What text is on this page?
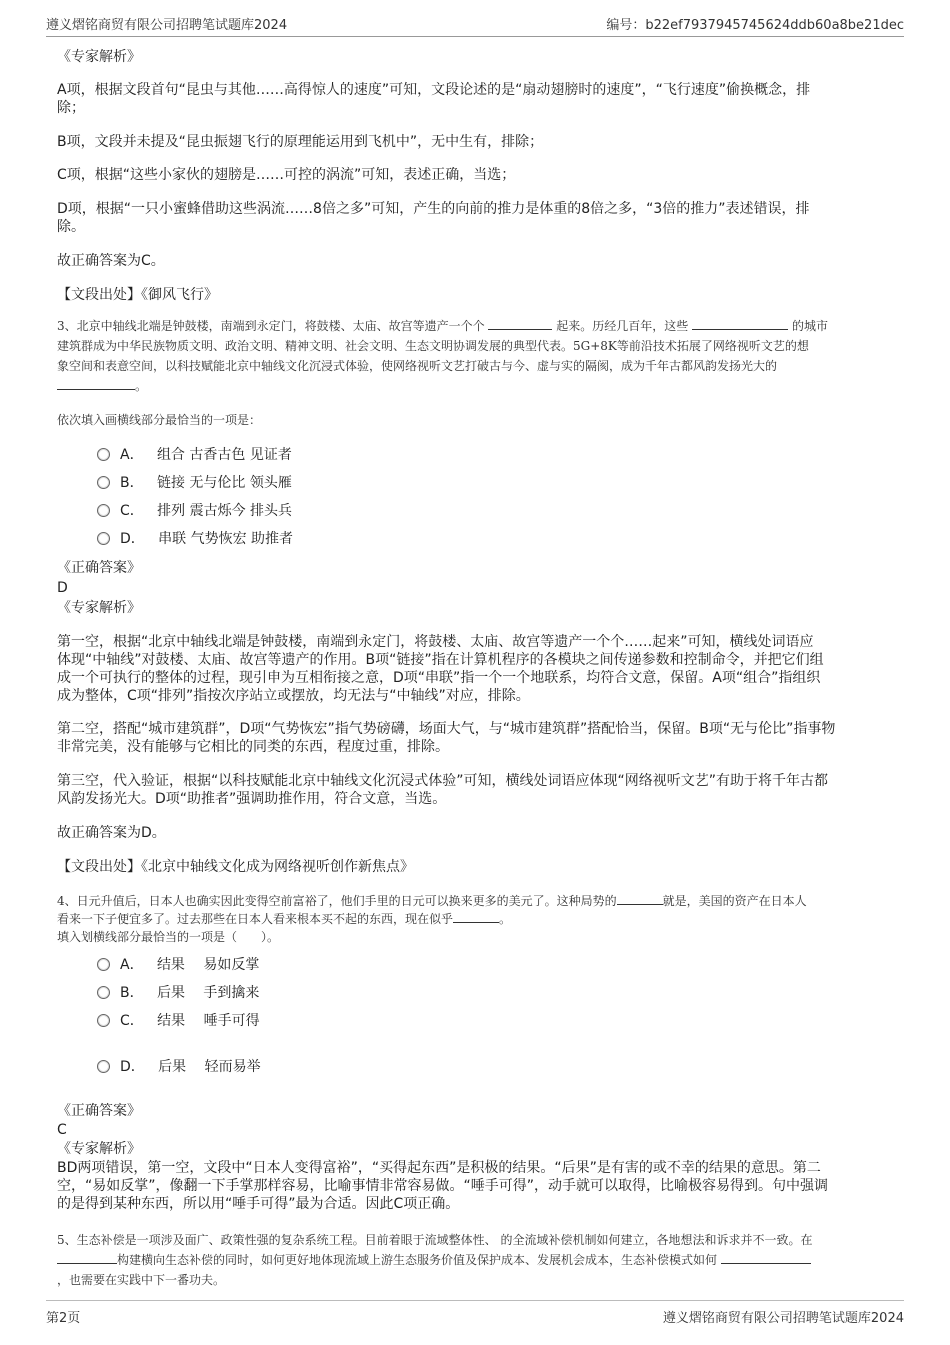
遵义熠铭商贸有限公司招聘笔试题库2024	编号：b22ef7937945745624ddb60a8be21dec
《专家解析》
A项，根据文段首句“昆虫与其他……高得惊人的速度”可知，文段论述的是“扇动翅膀时的速度”，“飞行速度”偷换概念，排
除；
B项，文段并未提及“昆虫振翅飞行的原理能运用到飞机中”，无中生有，排除；
C项，根据“这些小家伙的翅膀是……可控的涡流”可知，表述正确，当选；
D项，根据“一只小蜜蜂借助这些涡流……8倍之多”可知，产生的向前的推力是体重的8倍之多，“3倍的推力”表述错误，排
除。
故正确答案为C。
【文段出处】《御风飞行》
3、北京中轴线北端是钟鼓楼，南端到永定门，将鼓楼、太庙、故宫等遗产一个个	起来。历经几百年，这些	的城市
建筑群成为中华民族物质文明、政治文明、精神文明、社会文明、生态文明协调发展的典型代表。5G+8K等前沿技术拓展了网络视听文艺的想
象空间和表意空间，以科技赋能北京中轴线文化沉浸式体验，使网络视听文艺打破古与今、虚与实的隔阂，成为千年古都风韵发扬光大的
。
依次填入画横线部分最恰当的一项是：
A． 组合 古香古色 见证者
B． 链接 无与伦比 领头雁
C． 排列 震古烁今 排头兵
D． 串联 气势恢宏 助推者
《正确答案》
D
《专家解析》
第一空，根据“北京中轴线北端是钟鼓楼，南端到永定门，将鼓楼、太庙、故宫等遗产一个个……起来”可知，横线处词语应
体现“中轴线”对鼓楼、太庙、故宫等遗产的作用。B项“链接”指在计算机程序的各模块之间传递参数和控制命令，并把它们组
成一个可执行的整体的过程，现引申为互相衔接之意，D项“串联”指一个一个地联系，均符合文意，保留。A项“组合”指组织
成为整体，C项“排列”指按次序站立或摆放，均无法与“中轴线”对应，排除。
第二空，搭配“城市建筑群”，D项“气势恢宏”指气势磅礴，场面大气，与“城市建筑群”搭配恰当，保留。B项“无与伦比”指事物
非常完美，没有能够与它相比的同类的东西，程度过重，排除。
第三空，代入验证，根据“以科技赋能北京中轴线文化沉浸式体验”可知，横线处词语应体现“网络视听文艺”有助于将千年古都
风韵发扬光大。D项“助推者”强调助推作用，符合文意，当选。
故正确答案为D。
【文段出处】《北京中轴线文化成为网络视听创作新焦点》
4、日元升值后，日本人也确实因此变得空前富裕了，他们手里的日元可以换来更多的美元了。这种局势的	就是，美国的资产在日本人
看来一下子便宜多了。过去那些在日本人看来根本买不起的东西，现在似乎	。
填入划横线部分最恰当的一项是（　　）。
A． 结果　 易如反掌
B． 后果　 手到擒来
C． 结果　 唾手可得
D． 后果　 轻而易举
《正确答案》
C
《专家解析》
BD两项错误，第一空，文段中“日本人变得富裕”，“买得起东西”是积极的结果。“后果”是有害的或不幸的结果的意思。第二
空，“易如反掌”，像翻一下手掌那样容易，比喻事情非常容易做。“唾手可得”，动手就可以取得，比喻极容易得到。句中强调
的是得到某种东西，所以用“唾手可得”最为合适。因此C项正确。
5、生态补偿是一项涉及面广、政策性强的复杂系统工程。目前着眼于流域整体性、 的全流域补偿机制如何建立，各地想法和诉求并不一致。在
构建横向生态补偿的同时，如何更好地体现流域上游生态服务价值及保护成本、发展机会成本，生态补偿模式如何
，也需要在实践中下一番功夫。
第2页	遵义熠铭商贸有限公司招聘笔试题库2024
